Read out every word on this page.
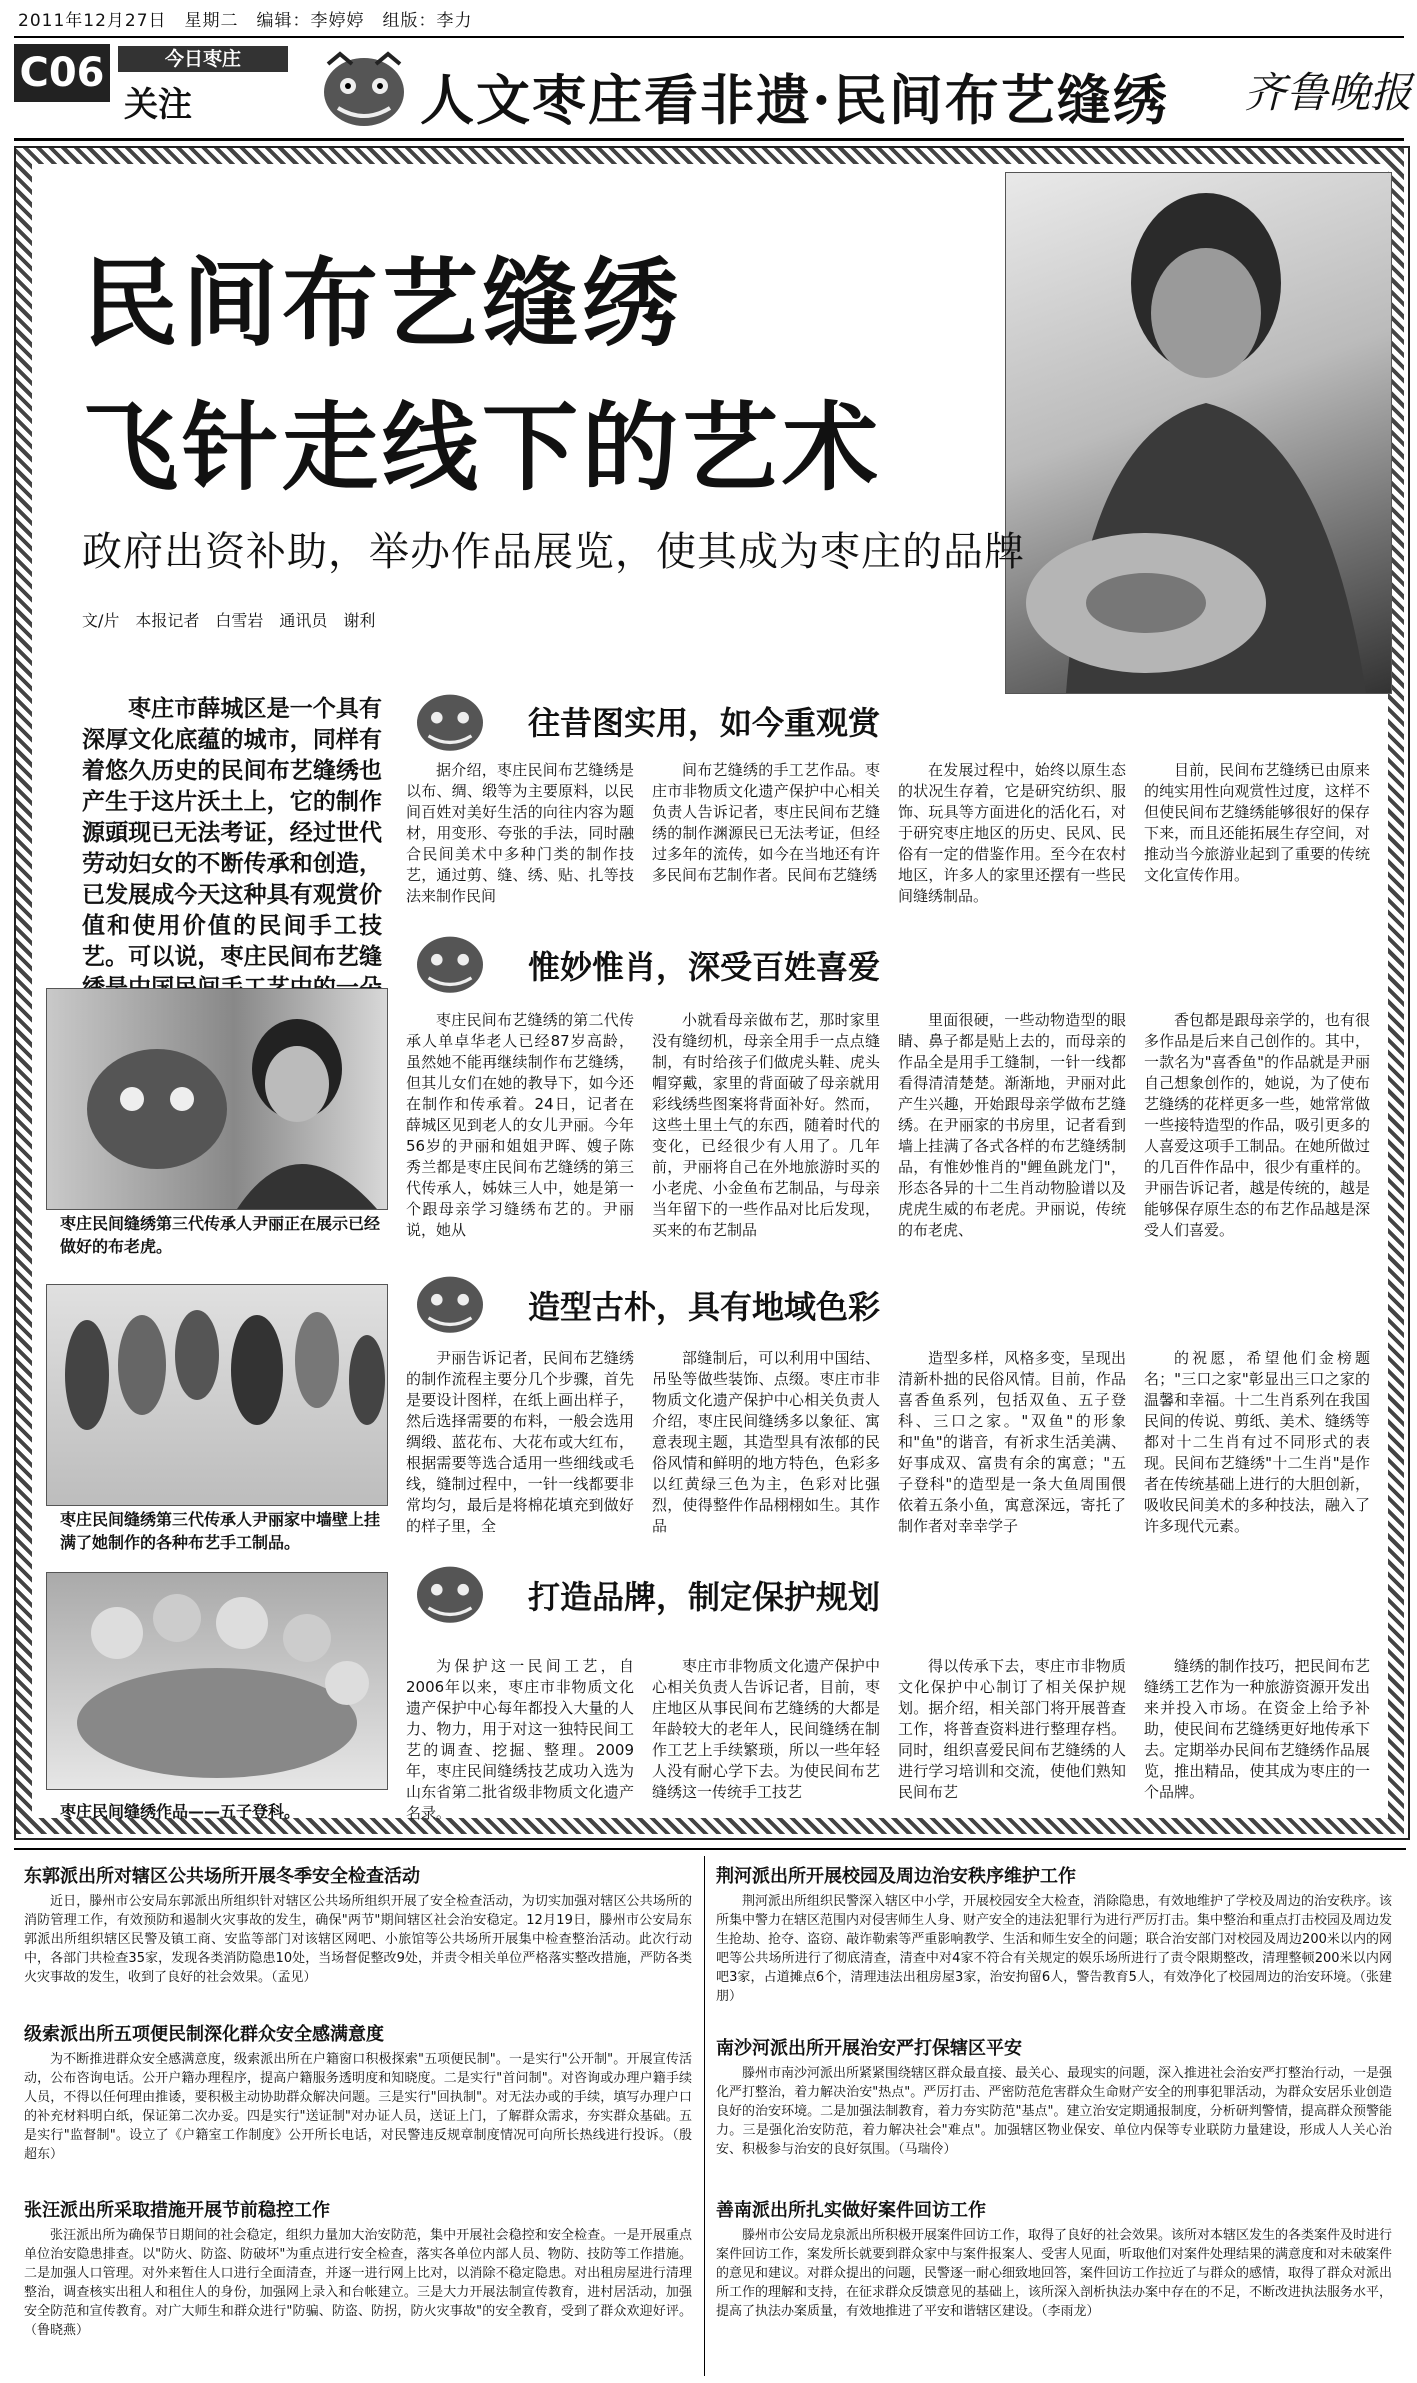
2011年12月27日　星期二　编辑：李婷婷　组版：李力
C06	今日枣庄
关注	人文枣庄看非遗·民间布艺缝绣 齐鲁晚报
民间布艺缝绣
飞针走线下的艺术
政府出资补助，举办作品展览，使其成为枣庄的品牌
文/片　本报记者　白雪岩　通讯员　谢利
枣庄市薛城区是一个具有深厚文化底蕴的城市，同样有着悠久历史的民间布艺缝绣也产生于这片沃土上，它的制作源頭现已无法考证，经过世代劳动妇女的不断传承和创造，已发展成今天这种具有观赏价值和使用价值的民间手工技艺。可以说，枣庄民间布艺缝
往昔图实用，如今重观赏

据介绍，枣庄民间布艺缝绣是以布、绸、缎等为主要原料，以民间百姓对美好生活的向往内容为题材，用变形、夸张的手法，同时融合民间美术中多种门类的制作技艺，通过剪、缝、绣、贴、扎等技法来制作民间

间布艺缝绣的手工艺作品。枣庄市非物质文化遗产保护中心相关负责人告诉记者，枣庄民间布艺缝绣的制作渊源民已无法考证，但经过多年的流传，如今在当地还有许多民间布艺制作者。民间布艺缝绣

在发展过程中，始终以原生态的状况生存着，它是研究纺织、服饰、玩具等方面进化的活化石，对于研究枣庄地区的历史、民风、民俗有一定的借鉴作用。至今在农村地区，许多人的家里还摆有一些民间缝绣制品。

目前，民间布艺缝绣已由原来的纯实用性向观赏性过度，这样不但使民间布艺缝绣能够很好的保存下来，而且还能拓展生存空间，对推动当今旅游业起到了重要的传统文化宣传作用。

枣庄民间缝绣第三代传承人尹丽正在展示已经做好的布老虎。
惟妙惟肖，深受百姓喜爱

枣庄民间布艺缝绣的第二代传承人单卓华老人已经87岁高龄，虽然她不能再继续制作布艺缝绣，但其儿女们在她的教导下，如今还在制作和传承着。24日，记者在薛城区见到老人的女儿尹丽。今年56岁的尹丽和姐姐尹晖、嫂子陈秀兰都是枣庄民间布艺缝绣的第三代传承人，姊妹三人中，她是第一个跟母亲学习缝绣布艺的。尹丽说，她从

小就看母亲做布艺，那时家里没有缝纫机，母亲全用手一点点缝制，有时给孩子们做虎头鞋、虎头帽穿戴，家里的背面破了母亲就用彩线绣些图案将背面补好。然而，这些土里土气的东西，随着时代的变化，已经很少有人用了。几年前，尹丽将自己在外地旅游时买的小老虎、小金鱼布艺制品，与母亲当年留下的一些作品对比后发现，买来的布艺制品

里面很硬，一些动物造型的眼睛、鼻子都是贴上去的，而母亲的作品全是用手工缝制，一针一线都看得清清楚楚。渐渐地，尹丽对此产生兴趣，开始跟母亲学做布艺缝绣。在尹丽家的书房里，记者看到墙上挂满了各式各样的布艺缝绣制品，有惟妙惟肖的"鲤鱼跳龙门"，形态各异的十二生肖动物脸谱以及虎虎生威的布老虎。尹丽说，传统的布老虎、

香包都是跟母亲学的，也有很多作品是后来自己创作的。其中，一款名为"喜香鱼"的作品就是尹丽自己想象创作的，她说，为了使布艺缝绣的花样更多一些，她常常做一些接特造型的作品，吸引更多的人喜爱这项手工制品。在她所做过的几百件作品中，很少有重样的。尹丽告诉记者，越是传统的，越是能够保存原生态的布艺作品越是深受人们喜爱。

枣庄民间缝绣第三代传承人尹丽家中墙壁上挂满了她制作的各种布艺手工制品。
造型古朴，具有地域色彩

尹丽告诉记者，民间布艺缝绣的制作流程主要分几个步骤，首先是要设计图样，在纸上画出样子，然后选择需要的布料，一般会选用绸缎、蓝花布、大花布或大红布，根据需要等选合适用一些细线或毛线，缝制过程中，一针一线都要非常均匀，最后是将棉花填充到做好的样子里，全

部缝制后，可以利用中国结、吊坠等做些装饰、点缀。枣庄市非物质文化遗产保护中心相关负责人介绍，枣庄民间缝绣多以象征、寓意表现主题，其造型具有浓郁的民俗风情和鲜明的地方特色，色彩多以红黄绿三色为主，色彩对比强烈，使得整件作品栩栩如生。其作品

造型多样，风格多变，呈现出清新朴拙的民俗风情。目前，作品喜香鱼系列，包括双鱼、五子登科、三口之家。"双鱼"的形象和"鱼"的谐音，有祈求生活美满、好事成双、富贵有余的寓意；"五子登科"的造型是一条大鱼周围偎依着五条小鱼，寓意深远，寄托了制作者对幸幸学子

的祝愿，希望他们金榜题名；"三口之家"彰显出三口之家的温馨和幸福。十二生肖系列在我国民间的传说、剪纸、美术、缝绣等都对十二生肖有过不同形式的表现。民间布艺缝绣"十二生肖"是作者在传统基础上进行的大胆创新，吸收民间美术的多种技法，融入了许多现代元素。

枣庄民间缝绣作品——五子登科。
打造品牌，制定保护规划

为保护这一民间工艺，自2006年以来，枣庄市非物质文化遗产保护中心每年都投入大量的人力、物力，用于对这一独特民间工艺的调查、挖掘、整理。2009年，枣庄民间缝绣技艺成功入选为山东省第二批省级非物质文化遗产名录。

枣庄市非物质文化遗产保护中心相关负责人告诉记者，目前，枣庄地区从事民间布艺缝绣的大都是年龄较大的老年人，民间缝绣在制作工艺上手续繁琐，所以一些年轻人没有耐心学下去。为使民间布艺缝绣这一传统手工技艺

得以传承下去，枣庄市非物质文化保护中心制订了相关保护规划。据介绍，相关部门将开展普查工作，将普查资料进行整理存档。同时，组织喜爱民间布艺缝绣的人进行学习培训和交流，使他们熟知民间布艺

缝绣的制作技巧，把民间布艺缝绣工艺作为一种旅游资源开发出来并投入市场。在资金上给予补助，使民间布艺缝绣更好地传承下去。定期举办民间布艺缝绣作品展览，推出精品，使其成为枣庄的一个品牌。

东郭派出所对辖区公共场所开展冬季安全检查活动

近日，滕州市公安局东郭派出所组织针对辖区公共场所组织开展了安全检查活动，为切实加强对辖区公共场所的消防管理工作，有效预防和遏制火灾事故的发生，确保"两节"期间辖区社会治安稳定。12月19日，滕州市公安局东郭派出所组织辖区民警及镇工商、安监等部门对该辖区网吧、小旅馆等公共场所开展集中检查整治活动。此次行动中，各部门共检查35家，发现各类消防隐患10处，当场督促整改9处，并责令相关单位严格落实整改措施，严防各类火灾事故的发生，收到了良好的社会效果。（孟见）

级索派出所五项便民制深化群众安全感满意度

为不断推进群众安全感满意度，级索派出所在户籍窗口积极探索"五项便民制"。一是实行"公开制"。开展宣传活动，公布咨询电话。公开户籍办理程序，提高户籍服务透明度和知晓度。二是实行"首问制"。对咨询或办理户籍手续人员，不得以任何理由推诿，要积极主动协助群众解决问题。三是实行"回执制"。对无法办或的手续，填写办理户口的补充材料明白纸，保证第二次办妥。四是实行"送证制"对办证人员，送证上门，了解群众需求，夯实群众基础。五是实行"监督制"。设立了《户籍室工作制度》公开所长电话，对民警违反规章制度情况可向所长热线进行投诉。（殷超东）

张汪派出所采取措施开展节前稳控工作

张汪派出所为确保节日期间的社会稳定，组织力量加大治安防范，集中开展社会稳控和安全检查。一是开展重点单位治安隐患排查。以"防火、防盗、防破坏"为重点进行安全检查，落实各单位内部人员、物防、技防等工作措施。二是加强人口管理。对外来暂住人口进行全面清查，并逐一进行网上比对，以消除不稳定隐患。对出租房屋进行清理整治，调查核实出租人和租住人的身份，加强网上录入和台帐建立。三是大力开展法制宣传教育，进村居活动，加强安全防范和宣传教育。对广大师生和群众进行"防骗、防盗、防拐，防火灾事故"的安全教育，受到了群众欢迎好评。（鲁晓燕）

荆河派出所开展校园及周边治安秩序维护工作

荆河派出所组织民警深入辖区中小学，开展校园安全大检查，消除隐患，有效地维护了学校及周边的治安秩序。该所集中警力在辖区范围内对侵害师生人身、财产安全的违法犯罪行为进行严厉打击。集中整治和重点打击校园及周边发生抢劫、抢夺、盗窃、敲诈勒索等严重影响教学、生活和师生安全的问题；联合治安部门对校园及周边200米以内的网吧等公共场所进行了彻底清查，清查中对4家不符合有关规定的娱乐场所进行了责令限期整改，清理整顿200米以内网吧3家，占道摊点6个，清理违法出租房屋3家，治安拘留6人，警告教育5人，有效净化了校园周边的治安环境。（张建朋）

南沙河派出所开展治安严打保辖区平安

滕州市南沙河派出所紧紧围绕辖区群众最直接、最关心、最现实的问题，深入推进社会治安严打整治行动，一是强化严打整治，着力解决治安"热点"。严厉打击、严密防范危害群众生命财产安全的刑事犯罪活动，为群众安居乐业创造良好的治安环境。二是加强法制教育，着力夯实防范"基点"。建立治安定期通报制度，分析研判警情，提高群众预警能力。三是强化治安防范，着力解决社会"难点"。加强辖区物业保安、单位内保等专业联防力量建设，形成人人关心治安、积极参与治安的良好氛围。（马瑞伶）

善南派出所扎实做好案件回访工作

滕州市公安局龙泉派出所积极开展案件回访工作，取得了良好的社会效果。该所对本辖区发生的各类案件及时进行案件回访工作，案发所长就要到群众家中与案件报案人、受害人见面，听取他们对案件处理结果的满意度和对未破案件的意见和建议。对群众提出的问题，民警逐一耐心细致地回答，案件回访工作拉近了与群众的感情，取得了群众对派出所工作的理解和支持，在征求群众反馈意见的基础上，该所深入剖析执法办案中存在的不足，不断改进执法服务水平，提高了执法办案质量，有效地推进了平安和谐辖区建设。（李雨龙）
